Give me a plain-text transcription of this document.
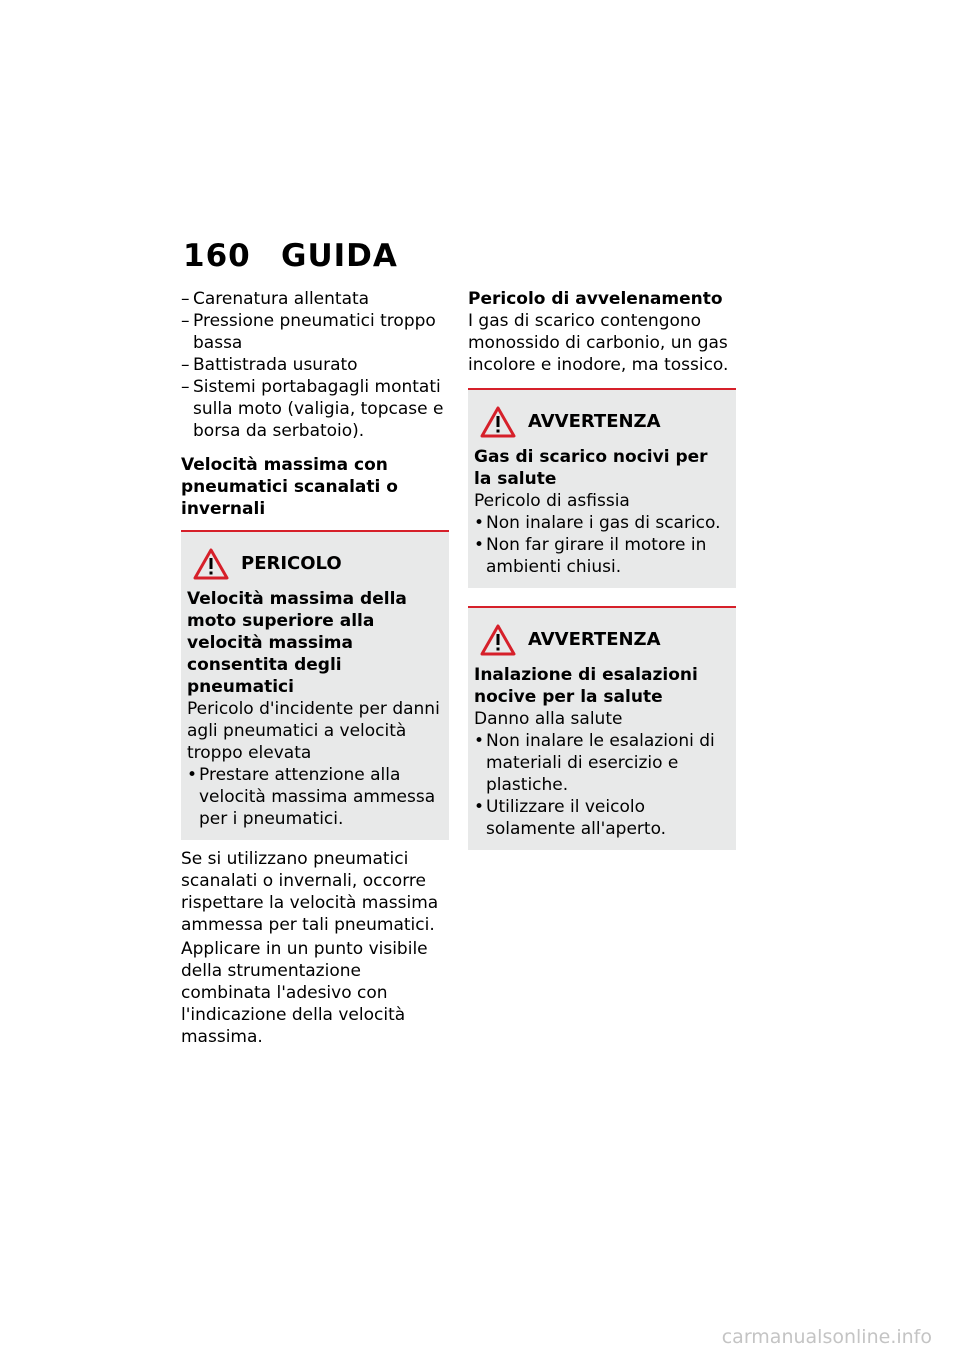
160 GUIDA
– Carenatura allentata
– Pressione pneumatici troppo bassa
– Battistrada usurato
– Sistemi portabagagli montati sulla moto (valigia, topcase e borsa da serbatoio).
Velocità massima con pneumatici scanalati o invernali
PERICOLO
Velocità massima della moto superiore alla velocità massima consentita degli pneumatici
Pericolo d'incidente per danni agli pneumatici a velocità troppo elevata
• Prestare attenzione alla velocità massima ammessa per i pneumatici.
Se si utilizzano pneumatici scanalati o invernali, occorre rispettare la velocità massima ammessa per tali pneumatici.
Applicare in un punto visibile della strumentazione combinata l'adesivo con l'indicazione della velocità massima.
Pericolo di avvelenamento
I gas di scarico contengono monossido di carbonio, un gas incolore e inodore, ma tossico.
AVVERTENZA
Gas di scarico nocivi per la salute
Pericolo di asfissia
• Non inalare i gas di scarico.
• Non far girare il motore in ambienti chiusi.
AVVERTENZA
Inalazione di esalazioni nocive per la salute
Danno alla salute
• Non inalare le esalazioni di materiali di esercizio e plastiche.
• Utilizzare il veicolo solamente all'aperto.
carmanualsonline.info
